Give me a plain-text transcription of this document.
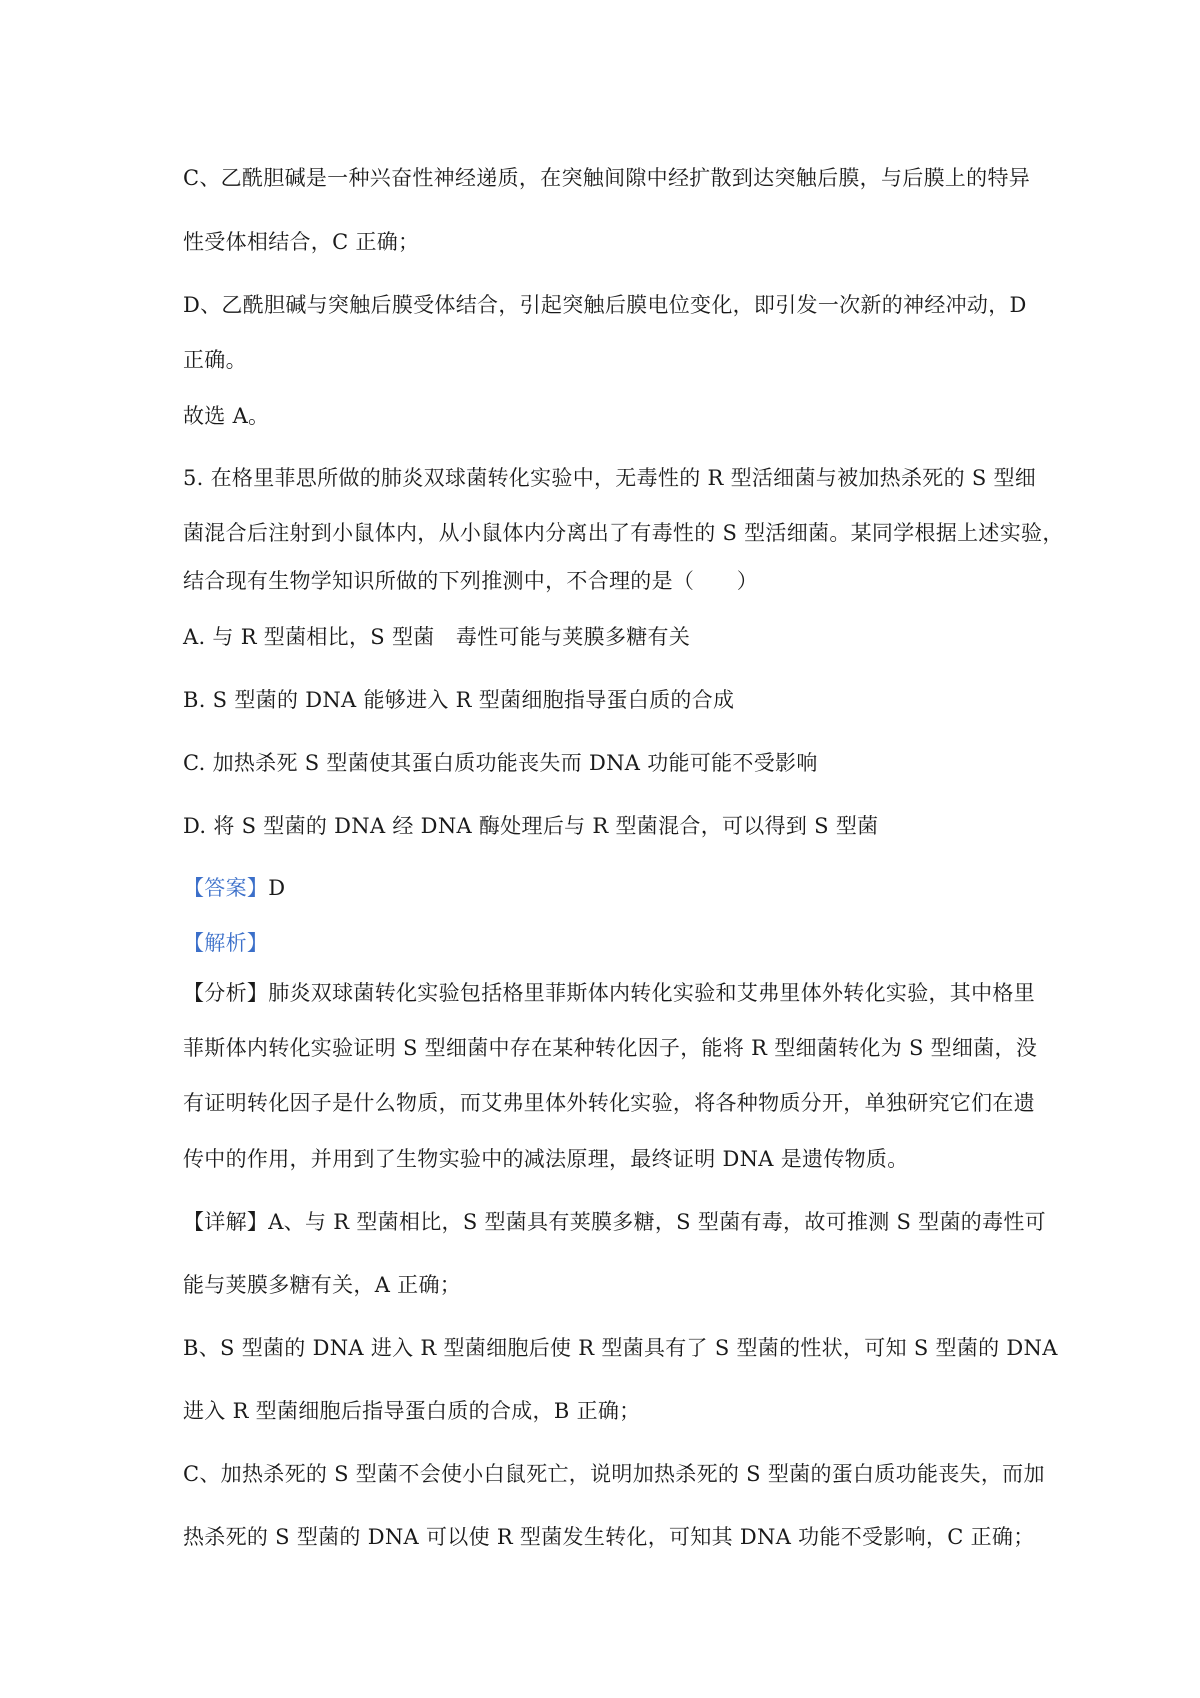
C、乙酰胆碱是一种兴奋性神经递质，在突触间隙中经扩散到达突触后膜，与后膜上的特异
性受体相结合，C 正确；
D、乙酰胆碱与突触后膜受体结合，引起突触后膜电位变化，即引发一次新的神经冲动，D
正确。
故选 A。
5. 在格里菲思所做的肺炎双球菌转化实验中，无毒性的 R 型活细菌与被加热杀死的 S 型细
菌混合后注射到小鼠体内，从小鼠体内分离出了有毒性的 S 型活细菌。某同学根据上述实验，
结合现有生物学知识所做的下列推测中，不合理的是（　　）
A. 与 R 型菌相比，S 型菌　毒性可能与荚膜多糖有关
B. S 型菌的 DNA 能够进入 R 型菌细胞指导蛋白质的合成
C. 加热杀死 S 型菌使其蛋白质功能丧失而 DNA 功能可能不受影响
D. 将 S 型菌的 DNA 经 DNA 酶处理后与 R 型菌混合，可以得到 S 型菌
【答案】D
【解析】
【分析】肺炎双球菌转化实验包括格里菲斯体内转化实验和艾弗里体外转化实验，其中格里
菲斯体内转化实验证明 S 型细菌中存在某种转化因子，能将 R 型细菌转化为 S 型细菌，没
有证明转化因子是什么物质，而艾弗里体外转化实验，将各种物质分开，单独研究它们在遗
传中的作用，并用到了生物实验中的减法原理，最终证明 DNA 是遗传物质。
【详解】A、与 R 型菌相比，S 型菌具有荚膜多糖，S 型菌有毒，故可推测 S 型菌的毒性可
能与荚膜多糖有关，A 正确；
B、S 型菌的 DNA 进入 R 型菌细胞后使 R 型菌具有了 S 型菌的性状，可知 S 型菌的 DNA
进入 R 型菌细胞后指导蛋白质的合成，B 正确；
C、加热杀死的 S 型菌不会使小白鼠死亡，说明加热杀死的 S 型菌的蛋白质功能丧失，而加
热杀死的 S 型菌的 DNA 可以使 R 型菌发生转化，可知其 DNA 功能不受影响，C 正确；
